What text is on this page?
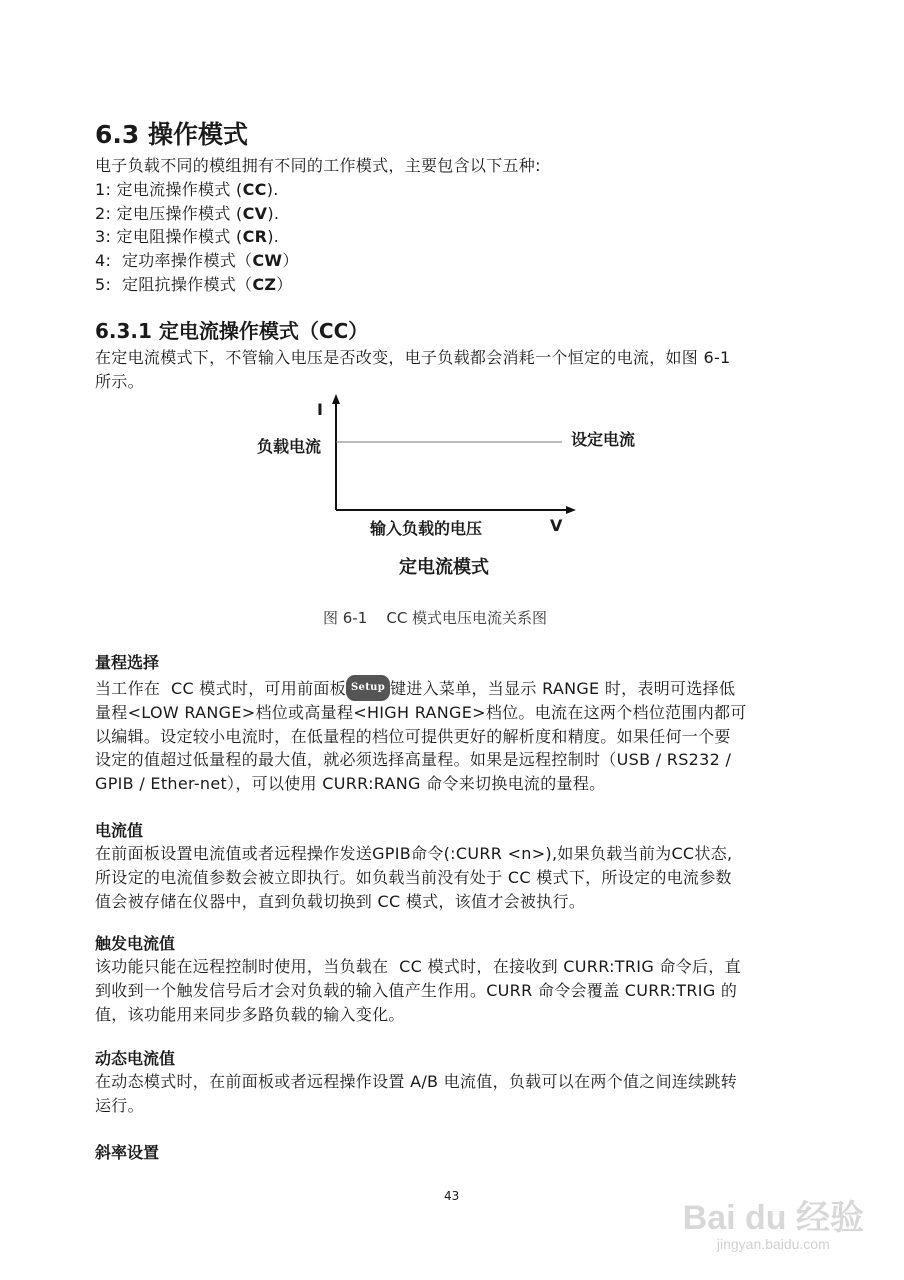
6.3 操作模式
电子负载不同的模组拥有不同的工作模式，主要包含以下五种:
1: 定电流操作模式 (CC).
2: 定电压操作模式 (CV).
3: 定电阻操作模式 (CR).
4:  定功率操作模式（CW）
5:  定阻抗操作模式（CZ）
6.3.1 定电流操作模式（CC）
在定电流模式下，不管输入电压是否改变，电子负载都会消耗一个恒定的电流，如图 6-1
所示。
I
负载电流	设定电流
输入负载的电压	V
定电流模式
图 6-1    CC 模式电压电流关系图
量程选择
当工作在  CC 模式时，可用前面板 Setup 键进入菜单，当显示 RANGE 时，表明可选择低
量程<LOW RANGE>档位或高量程<HIGH RANGE>档位。电流在这两个档位范围内都可
以编辑。设定较小电流时，在低量程的档位可提供更好的解析度和精度。如果任何一个要
设定的值超过低量程的最大值，就必须选择高量程。如果是远程控制时（USB / RS232 /
GPIB / Ether-net），可以使用 CURR:RANG 命令来切换电流的量程。
电流值
在前面板设置电流值或者远程操作发送GPIB命令(:CURR <n>),如果负载当前为CC状态,
所设定的电流值参数会被立即执行。如负载当前没有处于 CC 模式下，所设定的电流参数
值会被存储在仪器中，直到负载切换到 CC 模式，该值才会被执行。
触发电流值
该功能只能在远程控制时使用，当负载在  CC 模式时，在接收到 CURR:TRIG 命令后，直
到收到一个触发信号后才会对负载的输入值产生作用。CURR 命令会覆盖 CURR:TRIG 的
值，该功能用来同步多路负载的输入变化。
动态电流值
在动态模式时，在前面板或者远程操作设置 A/B 电流值，负载可以在两个值之间连续跳转
运行。
斜率设置
43
Bai du 经验
jingyan.baidu.com
